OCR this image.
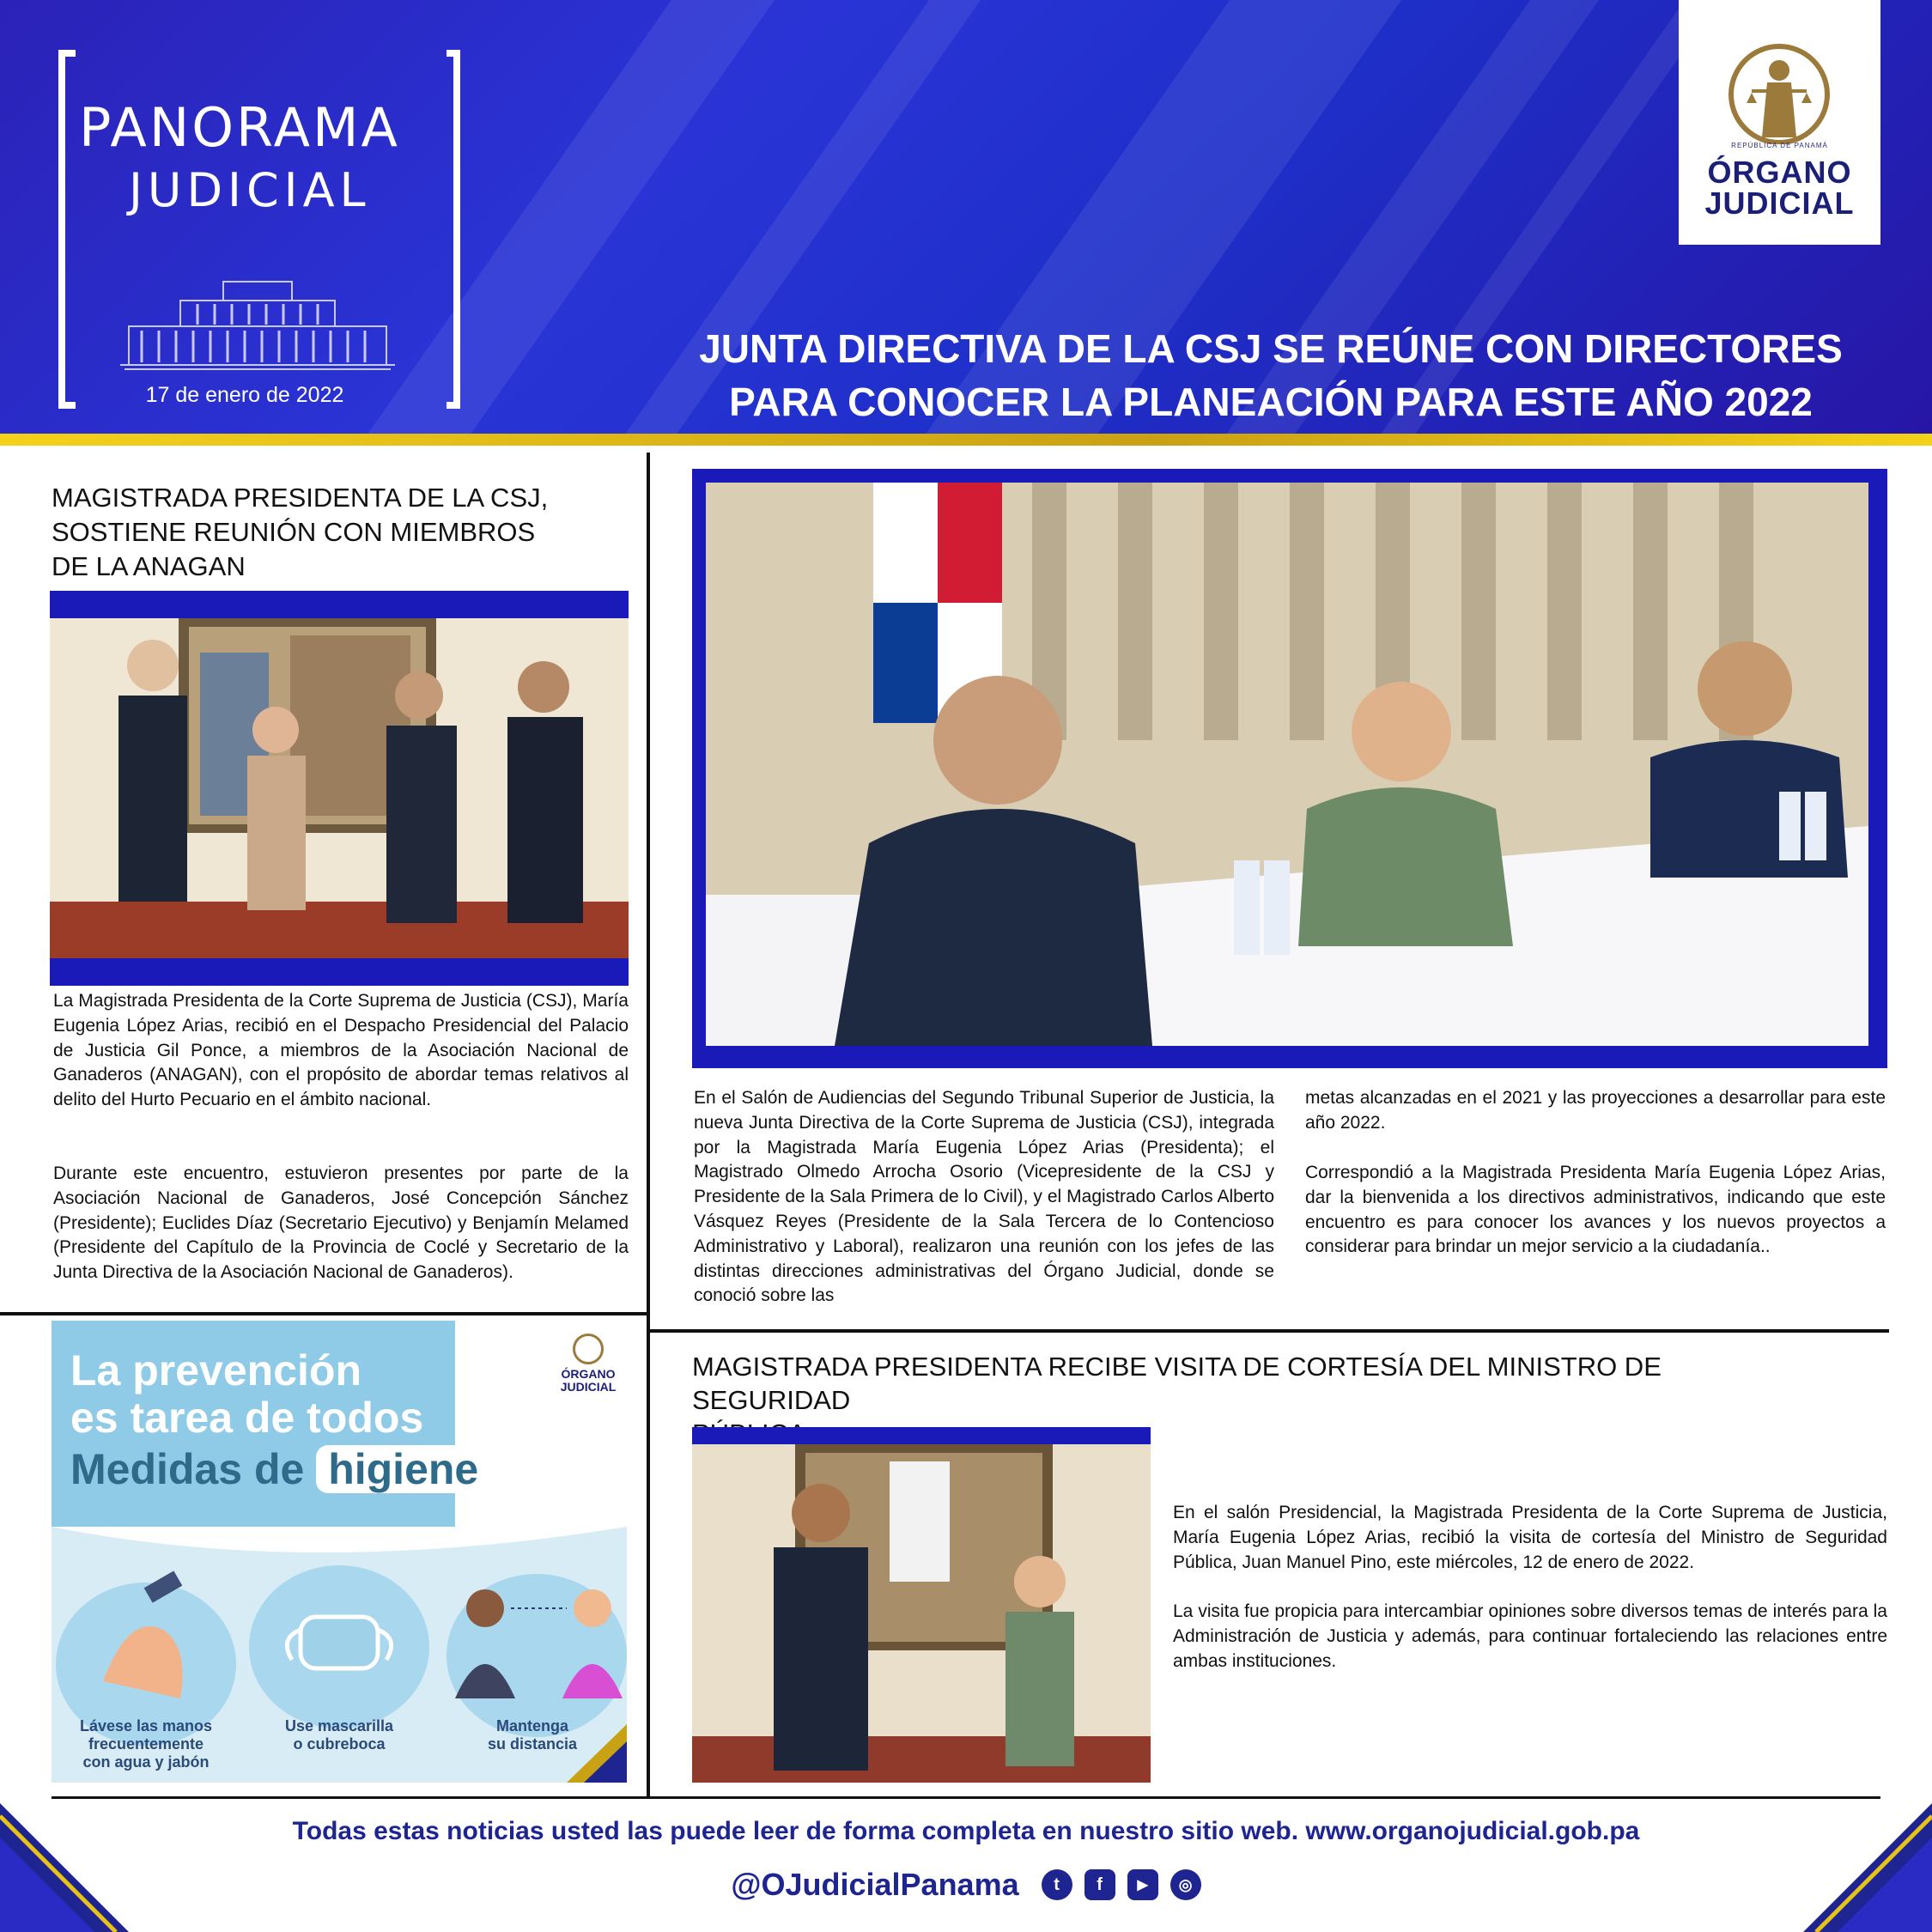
PANORAMA
JUDICIAL
17 de enero de 2022
REPÚBLICA DE PANAMÁ
ÓRGANO
JUDICIAL
JUNTA DIRECTIVA DE LA CSJ SE REÚNE CON DIRECTORES
PARA CONOCER LA PLANEACIÓN PARA ESTE AÑO 2022
MAGISTRADA PRESIDENTA DE LA CSJ,
SOSTIENE REUNIÓN CON MIEMBROS
DE LA ANAGAN
La Magistrada Presidenta de la Corte Suprema de Justicia (CSJ), María Eugenia López Arias, recibió en el Despacho Presidencial del Palacio de Justicia Gil Ponce, a miembros de la Asociación Nacional de Ganaderos (ANAGAN), con el propósito de abordar temas relativos al delito del Hurto Pecuario en el ámbito nacional.
Durante este encuentro, estuvieron presentes por parte de la Asociación Nacional de Ganaderos, José Concepción Sánchez (Presidente); Euclides Díaz (Secretario Ejecutivo) y Benjamín Melamed (Presidente del Capítulo de la Provincia de Coclé y Secretario de la Junta Directiva de la Asociación Nacional de Ganaderos).
En el Salón de Audiencias del Segundo Tribunal Superior de Justicia, la nueva Junta Directiva de la Corte Suprema de Justicia (CSJ), integrada por la Magistrada María Eugenia López Arias (Presidenta); el Magistrado Olmedo Arrocha Osorio (Vicepresidente de la CSJ y Presidente de la Sala Primera de lo Civil), y el Magistrado Carlos Alberto Vásquez Reyes (Presidente de la Sala Tercera de lo Contencioso Administrativo y Laboral), realizaron una reunión con los jefes de las distintas direcciones administrativas del Órgano Judicial, donde se conoció sobre las
metas alcanzadas en el 2021 y las proyecciones a desarrollar para este año 2022.
Correspondió a la Magistrada Presidenta María Eugenia López Arias, dar la bienvenida a los directivos administrativos, indicando que este encuentro es para conocer los avances y los nuevos proyectos a considerar para brindar un mejor servicio a la ciudadanía..
MAGISTRADA PRESIDENTA RECIBE VISITA DE CORTESÍA DEL MINISTRO DE SEGURIDAD
En el salón Presidencial, la Magistrada Presidenta de la Corte Suprema de Justicia, María Eugenia López Arias, recibió la visita de cortesía del Ministro de Seguridad Pública, Juan Manuel Pino, este miércoles, 12 de enero de 2022.
La visita fue propicia para intercambiar opiniones sobre diversos temas de interés para la Administración de Justicia y además, para continuar fortaleciendo las relaciones entre ambas instituciones.
La prevención
es tarea de todos
Medidas de higiene
ÓRGANO
JUDICIAL
Lávese las manos
frecuentemente
con agua y jabón
Use mascarilla
o cubreboca
Mantenga
su distancia
Todas estas noticias usted las puede leer de forma completa en nuestro sitio web. www.organojudicial.gob.pa
@OJudicialPanama	t	f	▶	◎
